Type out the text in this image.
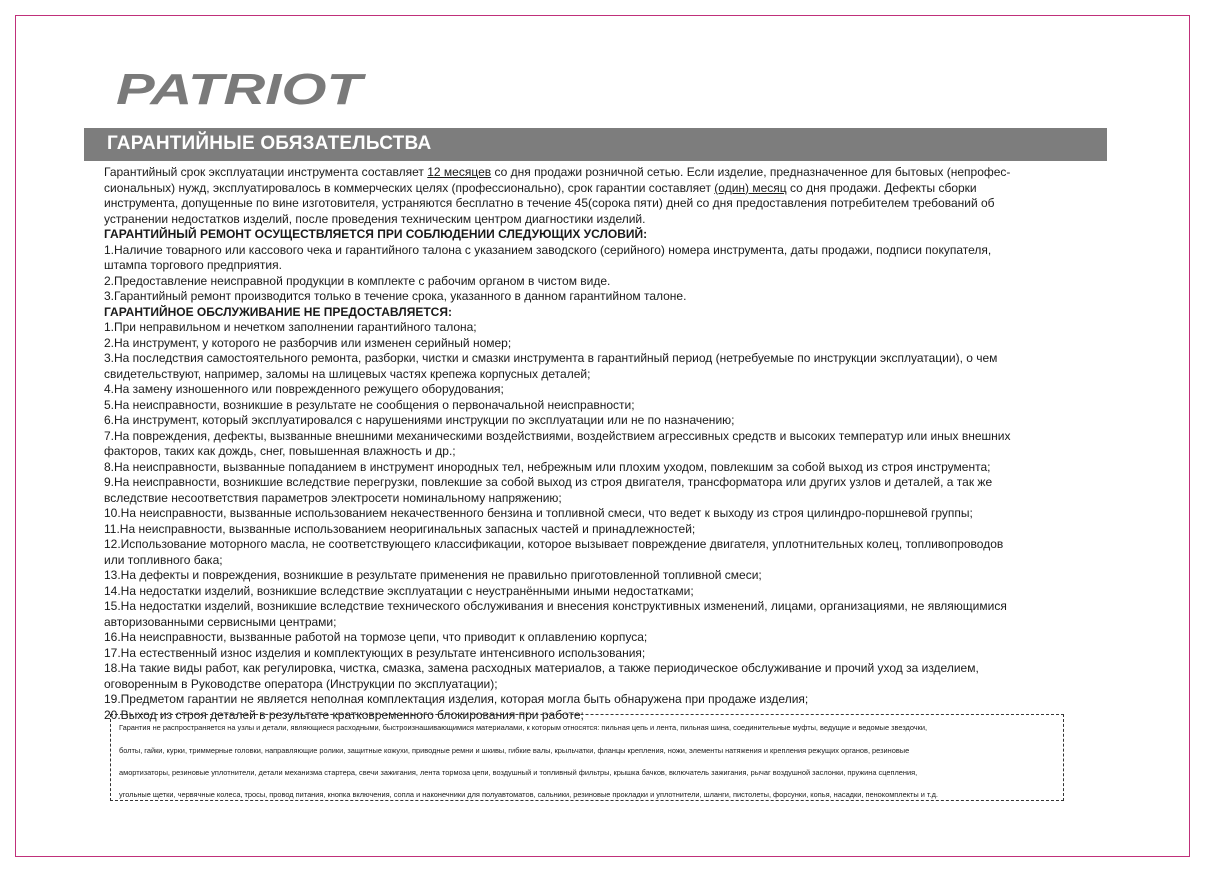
PATRIOT
ГАРАНТИЙНЫЕ ОБЯЗАТЕЛЬСТВА

Гарантийный срок эксплуатации инструмента составляет 12 месяцев со дня продажи розничной сетью. Если изделие, предназначенное для бытовых (непрофес-

сиональных) нужд, эксплуатировалось в коммерческих целях (профессионально), срок гарантии составляет (один) месяц со дня продажи. Дефекты сборки

инструмента, допущенные по вине изготовителя, устраняются бесплатно в течение 45(сорока пяти) дней со дня предоставления потребителем требований об

устранении недостатков изделий, после проведения техническим центром диагностики изделий.

ГАРАНТИЙНЫЙ РЕМОНТ ОСУЩЕСТВЛЯЕТСЯ ПРИ СОБЛЮДЕНИИ СЛЕДУЮЩИХ УСЛОВИЙ:

1.Наличие товарного или кассового чека и гарантийного талона с указанием заводского (серийного) номера инструмента, даты продажи, подписи покупателя,

штампа торгового предприятия.

2.Предоставление неисправной продукции в комплекте с рабочим органом в чистом виде.

3.Гарантийный ремонт производится только в течение срока, указанного в данном гарантийном талоне.

ГАРАНТИЙНОЕ ОБСЛУЖИВАНИЕ НЕ ПРЕДОСТАВЛЯЕТСЯ:

1.При неправильном и нечетком заполнении гарантийного талона;

2.На инструмент, у которого не разборчив или изменен серийный номер;

3.На последствия самостоятельного ремонта, разборки, чистки и смазки инструмента в гарантийный период (нетребуемые по инструкции эксплуатации), о чем

свидетельствуют, например, заломы на шлицевых частях крепежа корпусных деталей;

4.На замену изношенного или поврежденного режущего оборудования;

5.На неисправности, возникшие в результате не сообщения о первоначальной неисправности;

6.На инструмент, который эксплуатировался с нарушениями инструкции по эксплуатации или не по назначению;

7.На повреждения, дефекты, вызванные внешними механическими воздействиями, воздействием агрессивных средств и высоких температур или иных внешних

факторов, таких как дождь, снег, повышенная влажность и др.;

8.На неисправности, вызванные попаданием в инструмент инородных тел, небрежным или плохим уходом, повлекшим за собой выход из строя инструмента;

9.На неисправности, возникшие вследствие перегрузки, повлекшие за собой выход из строя двигателя, трансформатора или других узлов и деталей, а так же

вследствие несоответствия параметров электросети номинальному напряжению;

10.На неисправности, вызванные использованием некачественного бензина и топливной смеси, что ведет к выходу из строя цилиндро-поршневой группы;

11.На неисправности, вызванные использованием неоригинальных запасных частей и принадлежностей;

12.Использование моторного масла, не соответствующего классификации, которое вызывает повреждение двигателя, уплотнительных колец, топливопроводов

или топливного бака;

13.На дефекты и повреждения, возникшие в результате применения не правильно приготовленной топливной смеси;

14.На недостатки изделий, возникшие вследствие эксплуатации с неустранёнными иными недостатками;

15.На недостатки изделий, возникшие вследствие технического обслуживания и внесения конструктивных изменений, лицами, организациями, не являющимися

авторизованными сервисными центрами;

16.На неисправности, вызванные работой на тормозе цепи, что приводит к оплавлению корпуса;

17.На естественный износ изделия и комплектующих в результате интенсивного использования;

18.На такие виды работ, как регулировка, чистка, смазка, замена расходных материалов, а также периодическое обслуживание и прочий уход за изделием,

оговоренным в Руководстве оператора (Инструкции по эксплуатации);

19.Предметом гарантии не является неполная комплектация изделия, которая могла быть обнаружена при продаже изделия;

20.Выход из строя деталей в результате кратковременного блокирования при работе;

Гарантия не распространяется на узлы и детали, являющиеся расходными, быстроизнашивающимися материалами, к которым относятся: пильная цепь и лента, пильная шина, соединительные муфты, ведущие и ведомые звездочки,

болты, гайки, курки, триммерные головки, направляющие ролики, защитные кожухи, приводные ремни и шкивы, гибкие валы, крыльчатки, фланцы крепления, ножи, элементы натяжения и крепления режущих органов, резиновые

амортизаторы, резиновые уплотнители, детали механизма стартера, свечи зажигания, лента тормоза цепи, воздушный и топливный фильтры, крышка бачков, включатель зажигания, рычаг воздушной заслонки, пружина сцепления,

угольные щетки, червячные колеса, тросы, провод питания, кнопка включения, сопла и наконечники для полуавтоматов, сальники, резиновые прокладки и уплотнители, шланги, пистолеты, форсунки, копья, насадки, пенокомплекты и т.д.
